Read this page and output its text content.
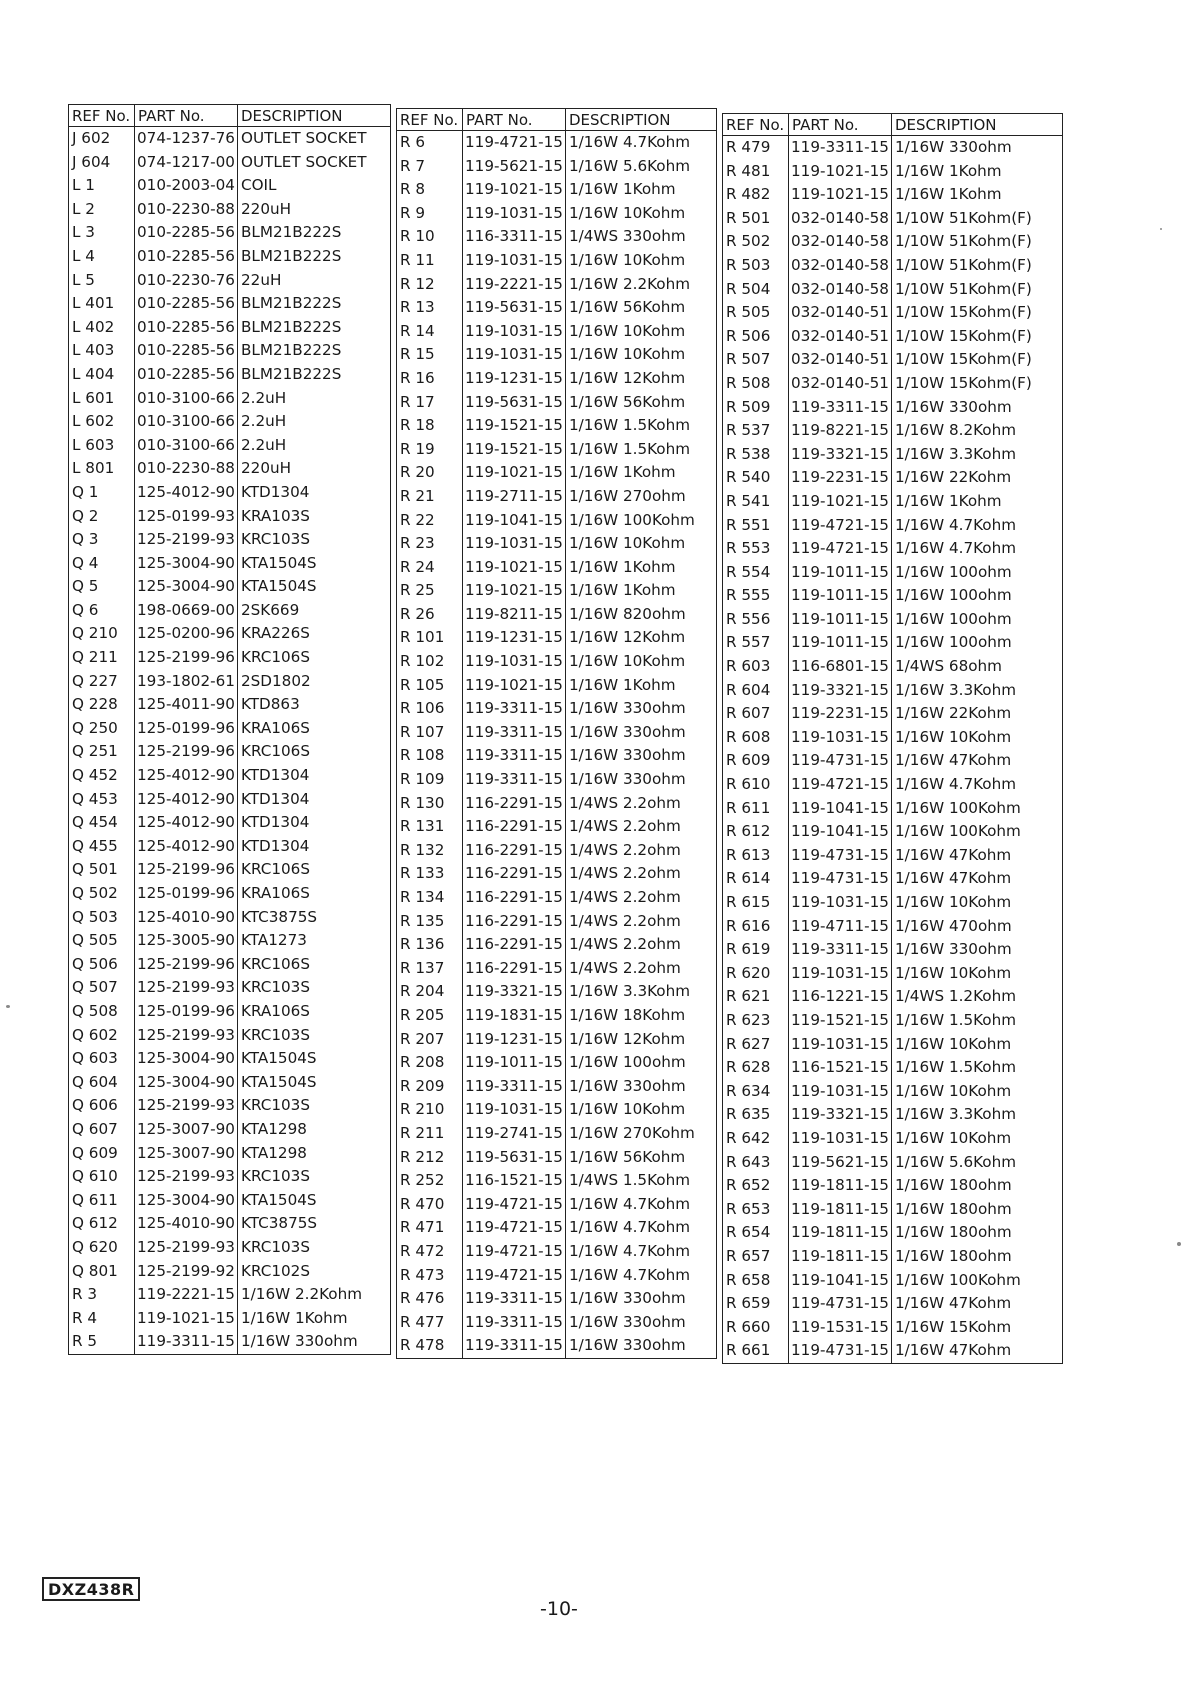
REF No.	PART No.	DESCRIPTION
J 602	074-1237-76	OUTLET SOCKET
J 604	074-1217-00	OUTLET SOCKET
L 1	010-2003-04	COIL
L 2	010-2230-88	220uH
L 3	010-2285-56	BLM21B222S
L 4	010-2285-56	BLM21B222S
L 5	010-2230-76	22uH
L 401	010-2285-56	BLM21B222S
L 402	010-2285-56	BLM21B222S
L 403	010-2285-56	BLM21B222S
L 404	010-2285-56	BLM21B222S
L 601	010-3100-66	2.2uH
L 602	010-3100-66	2.2uH
L 603	010-3100-66	2.2uH
L 801	010-2230-88	220uH
Q 1	125-4012-90	KTD1304
Q 2	125-0199-93	KRA103S
Q 3	125-2199-93	KRC103S
Q 4	125-3004-90	KTA1504S
Q 5	125-3004-90	KTA1504S
Q 6	198-0669-00	2SK669
Q 210	125-0200-96	KRA226S
Q 211	125-2199-96	KRC106S
Q 227	193-1802-61	2SD1802
Q 228	125-4011-90	KTD863
Q 250	125-0199-96	KRA106S
Q 251	125-2199-96	KRC106S
Q 452	125-4012-90	KTD1304
Q 453	125-4012-90	KTD1304
Q 454	125-4012-90	KTD1304
Q 455	125-4012-90	KTD1304
Q 501	125-2199-96	KRC106S
Q 502	125-0199-96	KRA106S
Q 503	125-4010-90	KTC3875S
Q 505	125-3005-90	KTA1273
Q 506	125-2199-96	KRC106S
Q 507	125-2199-93	KRC103S
Q 508	125-0199-96	KRA106S
Q 602	125-2199-93	KRC103S
Q 603	125-3004-90	KTA1504S
Q 604	125-3004-90	KTA1504S
Q 606	125-2199-93	KRC103S
Q 607	125-3007-90	KTA1298
Q 609	125-3007-90	KTA1298
Q 610	125-2199-93	KRC103S
Q 611	125-3004-90	KTA1504S
Q 612	125-4010-90	KTC3875S
Q 620	125-2199-93	KRC103S
Q 801	125-2199-92	KRC102S
R 3	119-2221-15	1/16W 2.2Kohm
R 4	119-1021-15	1/16W 1Kohm
R 5	119-3311-15	1/16W 330ohm
REF No.	PART No.	DESCRIPTION
R 6	119-4721-15	1/16W 4.7Kohm
R 7	119-5621-15	1/16W 5.6Kohm
R 8	119-1021-15	1/16W 1Kohm
R 9	119-1031-15	1/16W 10Kohm
R 10	116-3311-15	1/4WS 330ohm
R 11	119-1031-15	1/16W 10Kohm
R 12	119-2221-15	1/16W 2.2Kohm
R 13	119-5631-15	1/16W 56Kohm
R 14	119-1031-15	1/16W 10Kohm
R 15	119-1031-15	1/16W 10Kohm
R 16	119-1231-15	1/16W 12Kohm
R 17	119-5631-15	1/16W 56Kohm
R 18	119-1521-15	1/16W 1.5Kohm
R 19	119-1521-15	1/16W 1.5Kohm
R 20	119-1021-15	1/16W 1Kohm
R 21	119-2711-15	1/16W 270ohm
R 22	119-1041-15	1/16W 100Kohm
R 23	119-1031-15	1/16W 10Kohm
R 24	119-1021-15	1/16W 1Kohm
R 25	119-1021-15	1/16W 1Kohm
R 26	119-8211-15	1/16W 820ohm
R 101	119-1231-15	1/16W 12Kohm
R 102	119-1031-15	1/16W 10Kohm
R 105	119-1021-15	1/16W 1Kohm
R 106	119-3311-15	1/16W 330ohm
R 107	119-3311-15	1/16W 330ohm
R 108	119-3311-15	1/16W 330ohm
R 109	119-3311-15	1/16W 330ohm
R 130	116-2291-15	1/4WS 2.2ohm
R 131	116-2291-15	1/4WS 2.2ohm
R 132	116-2291-15	1/4WS 2.2ohm
R 133	116-2291-15	1/4WS 2.2ohm
R 134	116-2291-15	1/4WS 2.2ohm
R 135	116-2291-15	1/4WS 2.2ohm
R 136	116-2291-15	1/4WS 2.2ohm
R 137	116-2291-15	1/4WS 2.2ohm
R 204	119-3321-15	1/16W 3.3Kohm
R 205	119-1831-15	1/16W 18Kohm
R 207	119-1231-15	1/16W 12Kohm
R 208	119-1011-15	1/16W 100ohm
R 209	119-3311-15	1/16W 330ohm
R 210	119-1031-15	1/16W 10Kohm
R 211	119-2741-15	1/16W 270Kohm
R 212	119-5631-15	1/16W 56Kohm
R 252	116-1521-15	1/4WS 1.5Kohm
R 470	119-4721-15	1/16W 4.7Kohm
R 471	119-4721-15	1/16W 4.7Kohm
R 472	119-4721-15	1/16W 4.7Kohm
R 473	119-4721-15	1/16W 4.7Kohm
R 476	119-3311-15	1/16W 330ohm
R 477	119-3311-15	1/16W 330ohm
R 478	119-3311-15	1/16W 330ohm
REF No.	PART No.	DESCRIPTION
R 479	119-3311-15	1/16W 330ohm
R 481	119-1021-15	1/16W 1Kohm
R 482	119-1021-15	1/16W 1Kohm
R 501	032-0140-58	1/10W 51Kohm(F)
R 502	032-0140-58	1/10W 51Kohm(F)
R 503	032-0140-58	1/10W 51Kohm(F)
R 504	032-0140-58	1/10W 51Kohm(F)
R 505	032-0140-51	1/10W 15Kohm(F)
R 506	032-0140-51	1/10W 15Kohm(F)
R 507	032-0140-51	1/10W 15Kohm(F)
R 508	032-0140-51	1/10W 15Kohm(F)
R 509	119-3311-15	1/16W 330ohm
R 537	119-8221-15	1/16W 8.2Kohm
R 538	119-3321-15	1/16W 3.3Kohm
R 540	119-2231-15	1/16W 22Kohm
R 541	119-1021-15	1/16W 1Kohm
R 551	119-4721-15	1/16W 4.7Kohm
R 553	119-4721-15	1/16W 4.7Kohm
R 554	119-1011-15	1/16W 100ohm
R 555	119-1011-15	1/16W 100ohm
R 556	119-1011-15	1/16W 100ohm
R 557	119-1011-15	1/16W 100ohm
R 603	116-6801-15	1/4WS 68ohm
R 604	119-3321-15	1/16W 3.3Kohm
R 607	119-2231-15	1/16W 22Kohm
R 608	119-1031-15	1/16W 10Kohm
R 609	119-4731-15	1/16W 47Kohm
R 610	119-4721-15	1/16W 4.7Kohm
R 611	119-1041-15	1/16W 100Kohm
R 612	119-1041-15	1/16W 100Kohm
R 613	119-4731-15	1/16W 47Kohm
R 614	119-4731-15	1/16W 47Kohm
R 615	119-1031-15	1/16W 10Kohm
R 616	119-4711-15	1/16W 470ohm
R 619	119-3311-15	1/16W 330ohm
R 620	119-1031-15	1/16W 10Kohm
R 621	116-1221-15	1/4WS 1.2Kohm
R 623	119-1521-15	1/16W 1.5Kohm
R 627	119-1031-15	1/16W 10Kohm
R 628	116-1521-15	1/16W 1.5Kohm
R 634	119-1031-15	1/16W 10Kohm
R 635	119-3321-15	1/16W 3.3Kohm
R 642	119-1031-15	1/16W 10Kohm
R 643	119-5621-15	1/16W 5.6Kohm
R 652	119-1811-15	1/16W 180ohm
R 653	119-1811-15	1/16W 180ohm
R 654	119-1811-15	1/16W 180ohm
R 657	119-1811-15	1/16W 180ohm
R 658	119-1041-15	1/16W 100Kohm
R 659	119-4731-15	1/16W 47Kohm
R 660	119-1531-15	1/16W 15Kohm
R 661	119-4731-15	1/16W 47Kohm
DXZ438R
-10-
